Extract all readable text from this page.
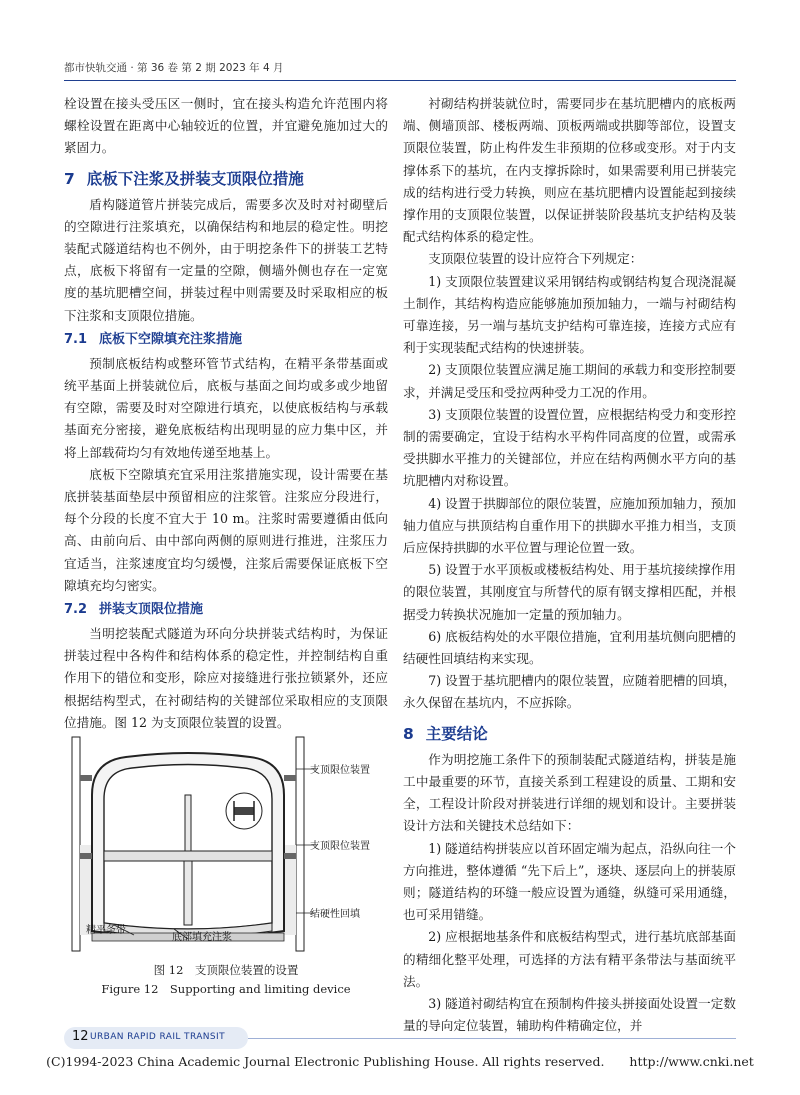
都市快轨交通 · 第 36 卷 第 2 期 2023 年 4 月

栓设置在接头受压区一侧时，宜在接头构造允许范围内将螺栓设置在距离中心轴较近的位置，并宜避免施加过大的紧固力。

7 底板下注浆及拼装支顶限位措施

盾构隧道管片拼装完成后，需要多次及时对衬砌壁后的空隙进行注浆填充，以确保结构和地层的稳定性。明挖装配式隧道结构也不例外，由于明挖条件下的拼装工艺特点，底板下将留有一定量的空隙，侧墙外侧也存在一定宽度的基坑肥槽空间，拼装过程中则需要及时采取相应的板下注浆和支顶限位措施。

7.1 底板下空隙填充注浆措施

预制底板结构或整环管节式结构，在精平条带基面或统平基面上拼装就位后，底板与基面之间均或多或少地留有空隙，需要及时对空隙进行填充，以使底板结构与承载基面充分密接，避免底板结构出现明显的应力集中区，并将上部载荷均匀有效地传递至地基上。

底板下空隙填充宜采用注浆措施实现，设计需要在基底拼装基面垫层中预留相应的注浆管。注浆应分段进行，每个分段的长度不宜大于 10 m。注浆时需要遵循由低向高、由前向后、由中部向两侧的原则进行推进，注浆压力宜适当，注浆速度宜均匀缓慢，注浆后需要保证底板下空隙填充均匀密实。

7.2 拼装支顶限位措施

当明挖装配式隧道为环向分块拼装式结构时，为保证拼装过程中各构件和结构体系的稳定性，并控制结构自重作用下的错位和变形，除应对接缝进行张拉锁紧外，还应根据结构型式，在衬砌结构的关键部位采取相应的支顶限位措施。图 12 为支顶限位装置的设置。

支顶限位装置
支顶限位装置
结硬性回填
精平条带
底部填充注浆
图 12　支顶限位装置的设置
Figure 12　Supporting and limiting device

衬砌结构拼装就位时，需要同步在基坑肥槽内的底板两端、侧墙顶部、楼板两端、顶板两端或拱脚等部位，设置支顶限位装置，防止构件发生非预期的位移或变形。对于内支撑体系下的基坑，在内支撑拆除时，如果需要利用已拼装完成的结构进行受力转换，则应在基坑肥槽内设置能起到接续撑作用的支顶限位装置，以保证拼装阶段基坑支护结构及装配式结构体系的稳定性。

支顶限位装置的设计应符合下列规定：

1) 支顶限位装置建议采用钢结构或钢结构复合现浇混凝土制作，其结构构造应能够施加预加轴力，一端与衬砌结构可靠连接，另一端与基坑支护结构可靠连接，连接方式应有利于实现装配式结构的快速拼装。

2) 支顶限位装置应满足施工期间的承载力和变形控制要求，并满足受压和受拉两种受力工况的作用。

3) 支顶限位装置的设置位置，应根据结构受力和变形控制的需要确定，宜设于结构水平构件同高度的位置，或需承受拱脚水平推力的关键部位，并应在结构两侧水平方向的基坑肥槽内对称设置。

4) 设置于拱脚部位的限位装置，应施加预加轴力，预加轴力值应与拱顶结构自重作用下的拱脚水平推力相当，支顶后应保持拱脚的水平位置与理论位置一致。

5) 设置于水平顶板或楼板结构处、用于基坑接续撑作用的限位装置，其刚度宜与所替代的原有钢支撑相匹配，并根据受力转换状况施加一定量的预加轴力。

6) 底板结构处的水平限位措施，宜利用基坑侧向肥槽的结硬性回填结构来实现。

7) 设置于基坑肥槽内的限位装置，应随着肥槽的回填，永久保留在基坑内，不应拆除。

8 主要结论

作为明挖施工条件下的预制装配式隧道结构，拼装是施工中最重要的环节，直接关系到工程建设的质量、工期和安全，工程设计阶段对拼装进行详细的规划和设计。主要拼装设计方法和关键技术总结如下：

1) 隧道结构拼装应以首环固定端为起点，沿纵向往一个方向推进，整体遵循 “先下后上”，逐块、逐层向上的拼装原则；隧道结构的环缝一般应设置为通缝，纵缝可采用通缝，也可采用错缝。

2) 应根据地基条件和底板结构型式，进行基坑底部基面的精细化整平处理，可选择的方法有精平条带法与基面统平法。

3) 隧道衬砌结构宜在预制构件接头拼接面处设置一定数量的导向定位装置，辅助构件精确定位，并

12 URBAN RAPID RAIL TRANSIT
(C)1994-2023 China Academic Journal Electronic Publishing House. All rights reserved.　　http://www.cnki.net
